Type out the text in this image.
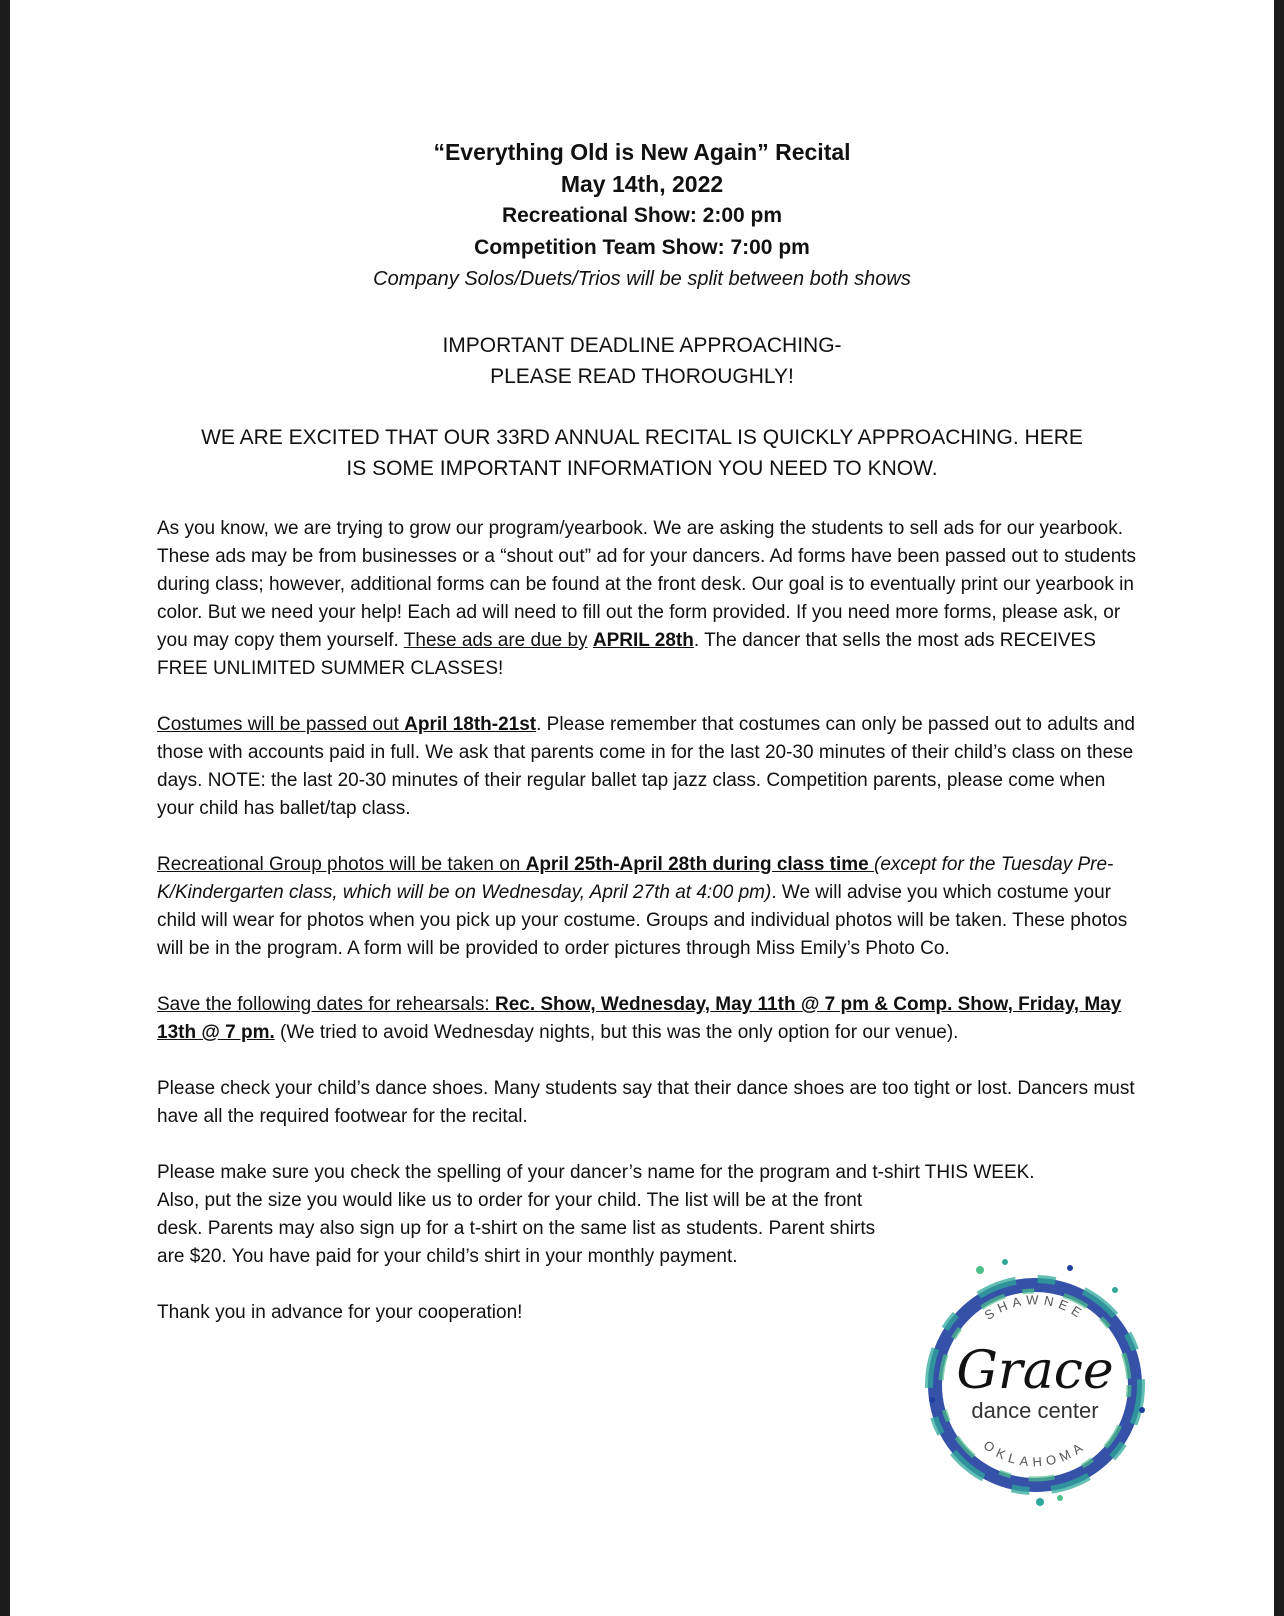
“Everything Old is New Again” Recital
May 14th, 2022
Recreational Show: 2:00 pm
Competition Team Show: 7:00 pm
Company Solos/Duets/Trios will be split between both shows
IMPORTANT DEADLINE APPROACHING-
PLEASE READ THOROUGHLY!
WE ARE EXCITED THAT OUR 33RD ANNUAL RECITAL IS QUICKLY APPROACHING. HERE
IS SOME IMPORTANT INFORMATION YOU NEED TO KNOW.

As you know, we are trying to grow our program/yearbook. We are asking the students to sell ads for our yearbook. These ads may be from businesses or a “shout out” ad for your dancers. Ad forms have been passed out to students during class; however, additional forms can be found at the front desk. Our goal is to eventually print our yearbook in color. But we need your help! Each ad will need to fill out the form provided. If you need more forms, please ask, or you may copy them yourself. These ads are due by APRIL 28th. The dancer that sells the most ads RECEIVES FREE UNLIMITED SUMMER CLASSES!

Costumes will be passed out April 18th-21st. Please remember that costumes can only be passed out to adults and those with accounts paid in full. We ask that parents come in for the last 20-30 minutes of their child’s class on these days. NOTE: the last 20-30 minutes of their regular ballet tap jazz class. Competition parents, please come when your child has ballet/tap class.

Recreational Group photos will be taken on April 25th-April 28th during class time (except for the Tuesday Pre-K/Kindergarten class, which will be on Wednesday, April 27th at 4:00 pm). We will advise you which costume your child will wear for photos when you pick up your costume. Groups and individual photos will be taken. These photos will be in the program. A form will be provided to order pictures through Miss Emily’s Photo Co.

Save the following dates for rehearsals: Rec. Show, Wednesday, May 11th @ 7 pm & Comp. Show, Friday, May 13th @ 7 pm. (We tried to avoid Wednesday nights, but this was the only option for our venue).

Please check your child’s dance shoes. Many students say that their dance shoes are too tight or lost. Dancers must have all the required footwear for the recital.

Please make sure you check the spelling of your dancer’s name for the program and t-shirt THIS WEEK.
Also, put the size you would like us to order for your child. The list will be at the front desk. Parents may also sign up for a t-shirt on the same list as students. Parent shirts are $20. You have paid for your child’s shirt in your monthly payment.

Thank you in advance for your cooperation!	SHAWNEE
OKLAHOMA
Grace
dance center
